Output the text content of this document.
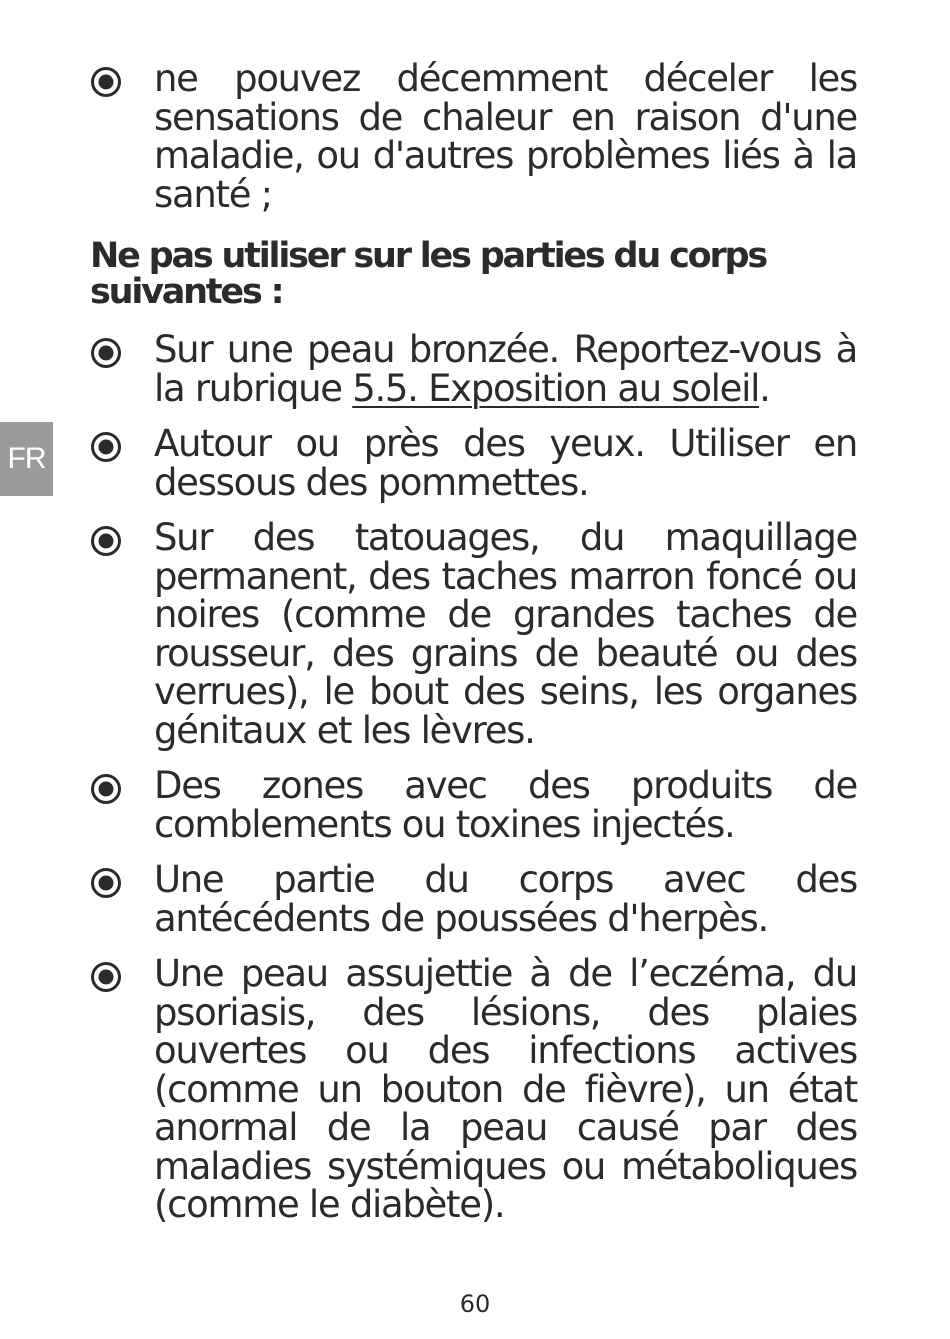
FR
ne pouvez décemment déceler les sensations de chaleur en raison d'une maladie, ou d'autres problèmes liés à la santé ;
Ne pas utiliser sur les parties du corps suivantes :
Sur une peau bronzée. Reportez-vous à la rubrique 5.5. Exposition au soleil.
Autour ou près des yeux. Utiliser en dessous des pommettes.
Sur des tatouages, du maquillage permanent, des taches marron foncé ou noires (comme de grandes taches de rousseur, des grains de beauté ou des verrues), le bout des seins, les organes génitaux et les lèvres.
Des zones avec des produits de comblements ou toxines injectés.
Une partie du corps avec des antécédents de poussées d'herpès.
Une peau assujettie à de l’eczéma, du psoriasis, des lésions, des plaies ouvertes ou des infections actives (comme un bouton de fièvre), un état anormal de la peau causé par des maladies systémiques ou métaboliques (comme le diabète).
60
